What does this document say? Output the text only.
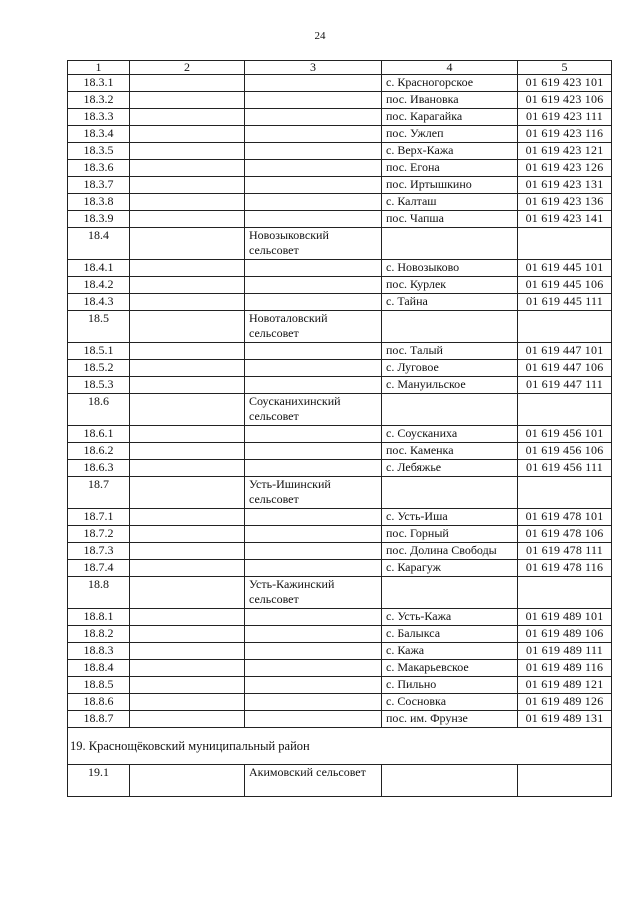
24
1	2	3	4	5
18.3.1			с. Красногорское	01 619 423 101
18.3.2			пос. Ивановка	01 619 423 106
18.3.3			пос. Карагайка	01 619 423 111
18.3.4			пос. Ужлеп	01 619 423 116
18.3.5			с. Верх-Кажа	01 619 423 121
18.3.6			пос. Егона	01 619 423 126
18.3.7			пос. Иртышкино	01 619 423 131
18.3.8			с. Калташ	01 619 423 136
18.3.9			пос. Чапша	01 619 423 141
18.4		Новозыковский сельсовет		
18.4.1			с. Новозыково	01 619 445 101
18.4.2			пос. Курлек	01 619 445 106
18.4.3			с. Тайна	01 619 445 111
18.5		Новоталовский сельсовет		
18.5.1			пос. Талый	01 619 447 101
18.5.2			с. Луговое	01 619 447 106
18.5.3			с. Мануильское	01 619 447 111
18.6		Соусканихинский сельсовет		
18.6.1			с. Соусканиха	01 619 456 101
18.6.2			пос. Каменка	01 619 456 106
18.6.3			с. Лебяжье	01 619 456 111
18.7		Усть-Ишинский сельсовет		
18.7.1			с. Усть-Иша	01 619 478 101
18.7.2			пос. Горный	01 619 478 106
18.7.3			пос. Долина Свободы	01 619 478 111
18.7.4			с. Карагуж	01 619 478 116
18.8		Усть-Кажинский сельсовет		
18.8.1			с. Усть-Кажа	01 619 489 101
18.8.2			с. Балыкса	01 619 489 106
18.8.3			с. Кажа	01 619 489 111
18.8.4			с. Макарьевское	01 619 489 116
18.8.5			с. Пильно	01 619 489 121
18.8.6			с. Сосновка	01 619 489 126
18.8.7			пос. им. Фрунзе	01 619 489 131
19. Краснощёковский муниципальный район				
19.1		Акимовский сельсовет		
